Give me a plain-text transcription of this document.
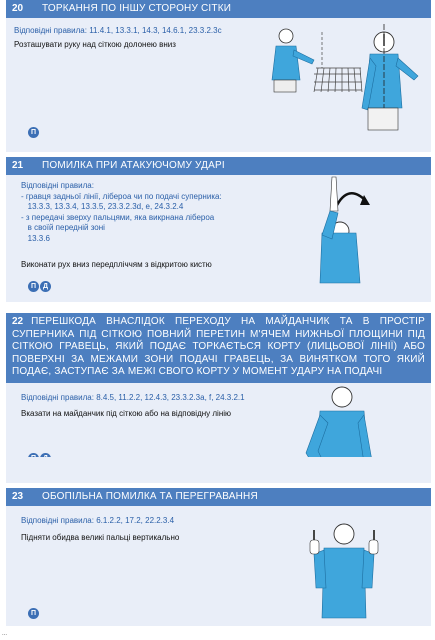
20	ТОРКАННЯ ПО ІНШУ СТОРОНУ СІТКИ
Відповідні правила: 11.4.1, 13.3.1, 14.3, 14.6.1, 23.3.2.3c
Розташувати руку над сіткою долонею вниз
П
21	ПОМИЛКА ПРИ АТАКУЮЧОМУ УДАРІ
Відповідні правила:
- гравця задньої лінії, лібероа чи по подачі суперника:
13.3.3, 13.3.4, 13.3.5, 23.3.2.3d, e, 24.3.2.4
- з передачі зверху пальцями, яка викрнана лібероа
в своїй передній зоні
13.3.6
Виконати рух вниз передпліччям з відкритою кистю
П Д
22 ПЕРЕШКОДА ВНАСЛІДОК ПЕРЕХОДУ НА МАЙДАНЧИК ТА В ПРОСТІР СУПЕРНИКА ПІД СІТКОЮ ПОВНИЙ ПЕРЕТИН М'ЯЧЕМ НИЖНЬОЇ ПЛОЩИНИ ПІД СІТКОЮ ГРАВЕЦЬ, ЯКИЙ ПОДАЄ ТОРКАЄТЬСЯ КОРТУ (ЛИЦЬОВОЇ ЛІНІЇ) АБО ПОВЕРХНІ ЗА МЕЖАМИ ЗОНИ ПОДАЧІ ГРАВЕЦЬ, ЗА ВИНЯТКОМ ТОГО ЯКИЙ ПОДАЄ, ЗАСТУПАЄ ЗА МЕЖІ СВОГО КОРТУ У МОМЕНТ УДАРУ НА ПОДАЧІ
Відповідні правила: 8.4.5, 11.2.2, 12.4.3, 23.3.2.3a, f, 24.3.2.1
Вказати на майданчик під сіткою або на відповідну лінію
23	ОБОПІЛЬНА ПОМИЛКА ТА ПЕРЕГРАВАННЯ
Відповідні правила: 6.1.2.2, 17.2, 22.2.3.4
Підняти обидва великі пальці вертикально
П
...
